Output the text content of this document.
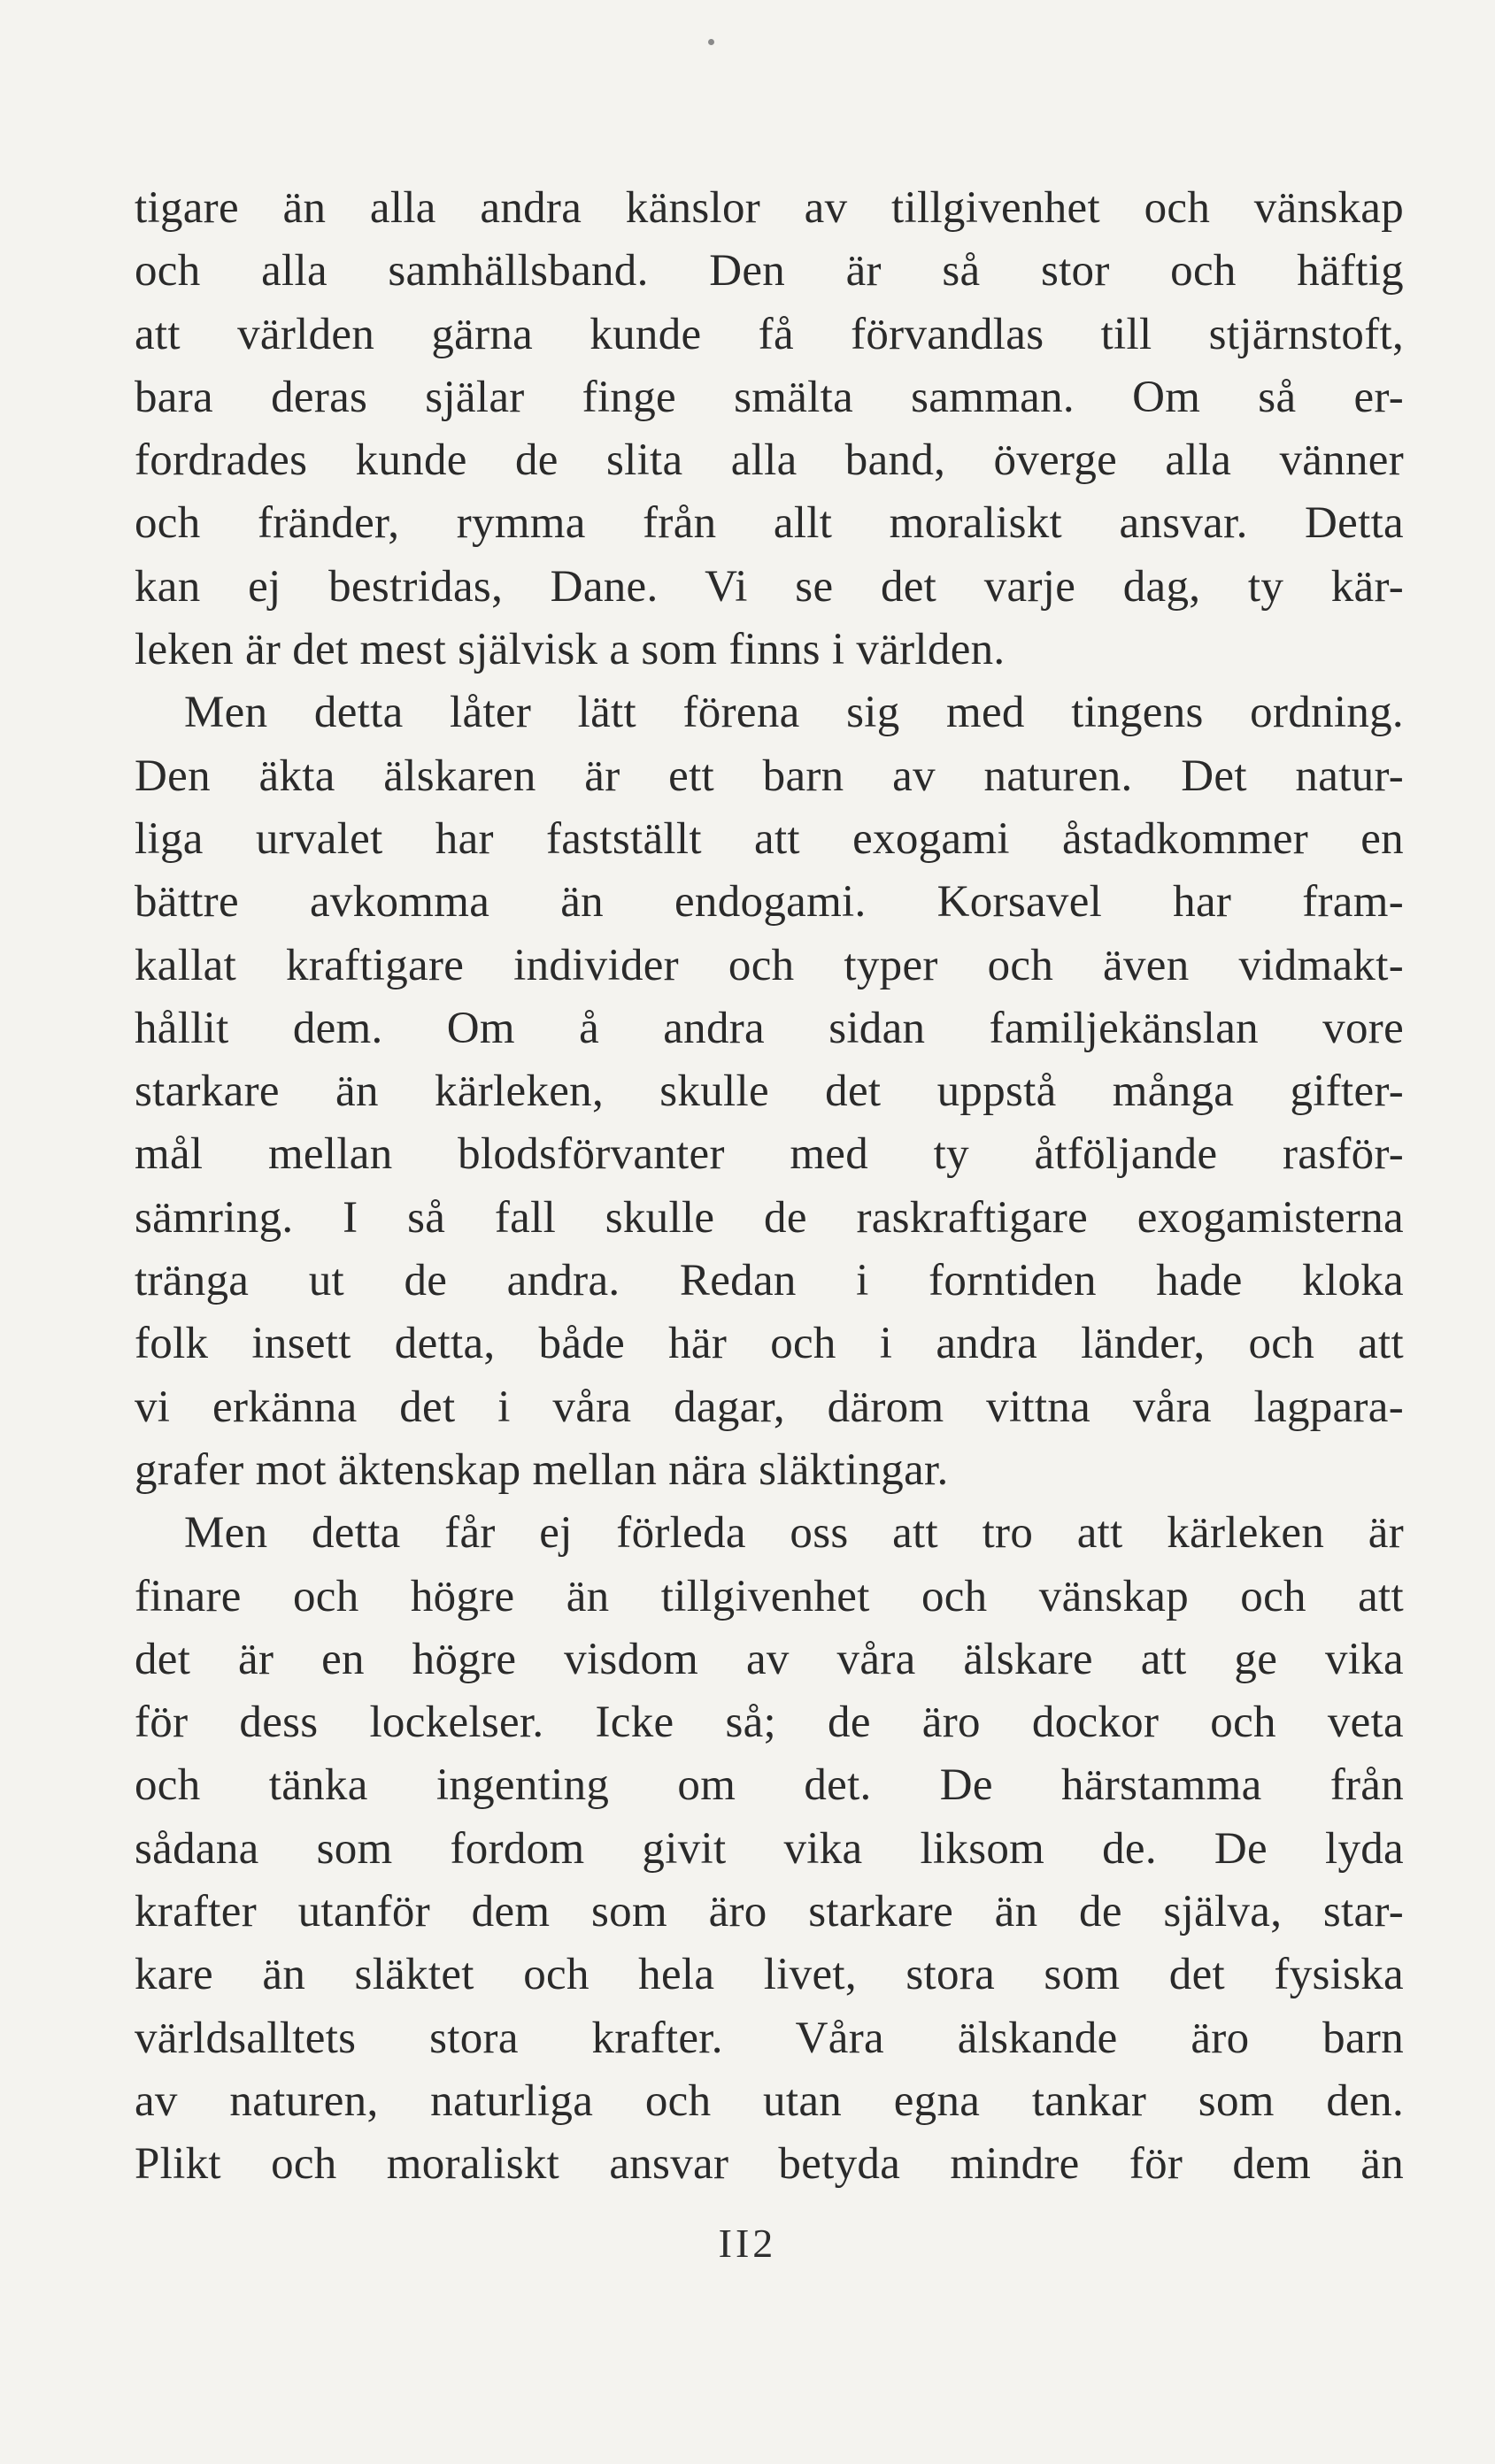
tigare än alla andra känslor av tillgivenhet och vänskap
och alla samhällsband. Den är så stor och häftig
att världen gärna kunde få förvandlas till stjärnstoft,
bara deras själar finge smälta samman. Om så er-
fordrades kunde de slita alla band, överge alla vänner
och fränder, rymma från allt moraliskt ansvar. Detta
kan ej bestridas, Dane. Vi se det varje dag, ty kär-
leken är det mest självisk a som finns i världen.
Men detta låter lätt förena sig med tingens ordning.
Den äkta älskaren är ett barn av naturen. Det natur-
liga urvalet har fastställt att exogami åstadkommer en
bättre avkomma än endogami. Korsavel har fram-
kallat kraftigare individer och typer och även vidmakt-
hållit dem. Om å andra sidan familjekänslan vore
starkare än kärleken, skulle det uppstå många gifter-
mål mellan blodsförvanter med ty åtföljande rasför-
sämring. I så fall skulle de raskraftigare exogamisterna
tränga ut de andra. Redan i forntiden hade kloka
folk insett detta, både här och i andra länder, och att
vi erkänna det i våra dagar, därom vittna våra lagpara-
grafer mot äktenskap mellan nära släktingar.
Men detta får ej förleda oss att tro att kärleken är
finare och högre än tillgivenhet och vänskap och att
det är en högre visdom av våra älskare att ge vika
för dess lockelser. Icke så; de äro dockor och veta
och tänka ingenting om det. De härstamma från
sådana som fordom givit vika liksom de. De lyda
krafter utanför dem som äro starkare än de själva, star-
kare än släktet och hela livet, stora som det fysiska
världsalltets stora krafter. Våra älskande äro barn
av naturen, naturliga och utan egna tankar som den.
Plikt och moraliskt ansvar betyda mindre för dem än
II2
